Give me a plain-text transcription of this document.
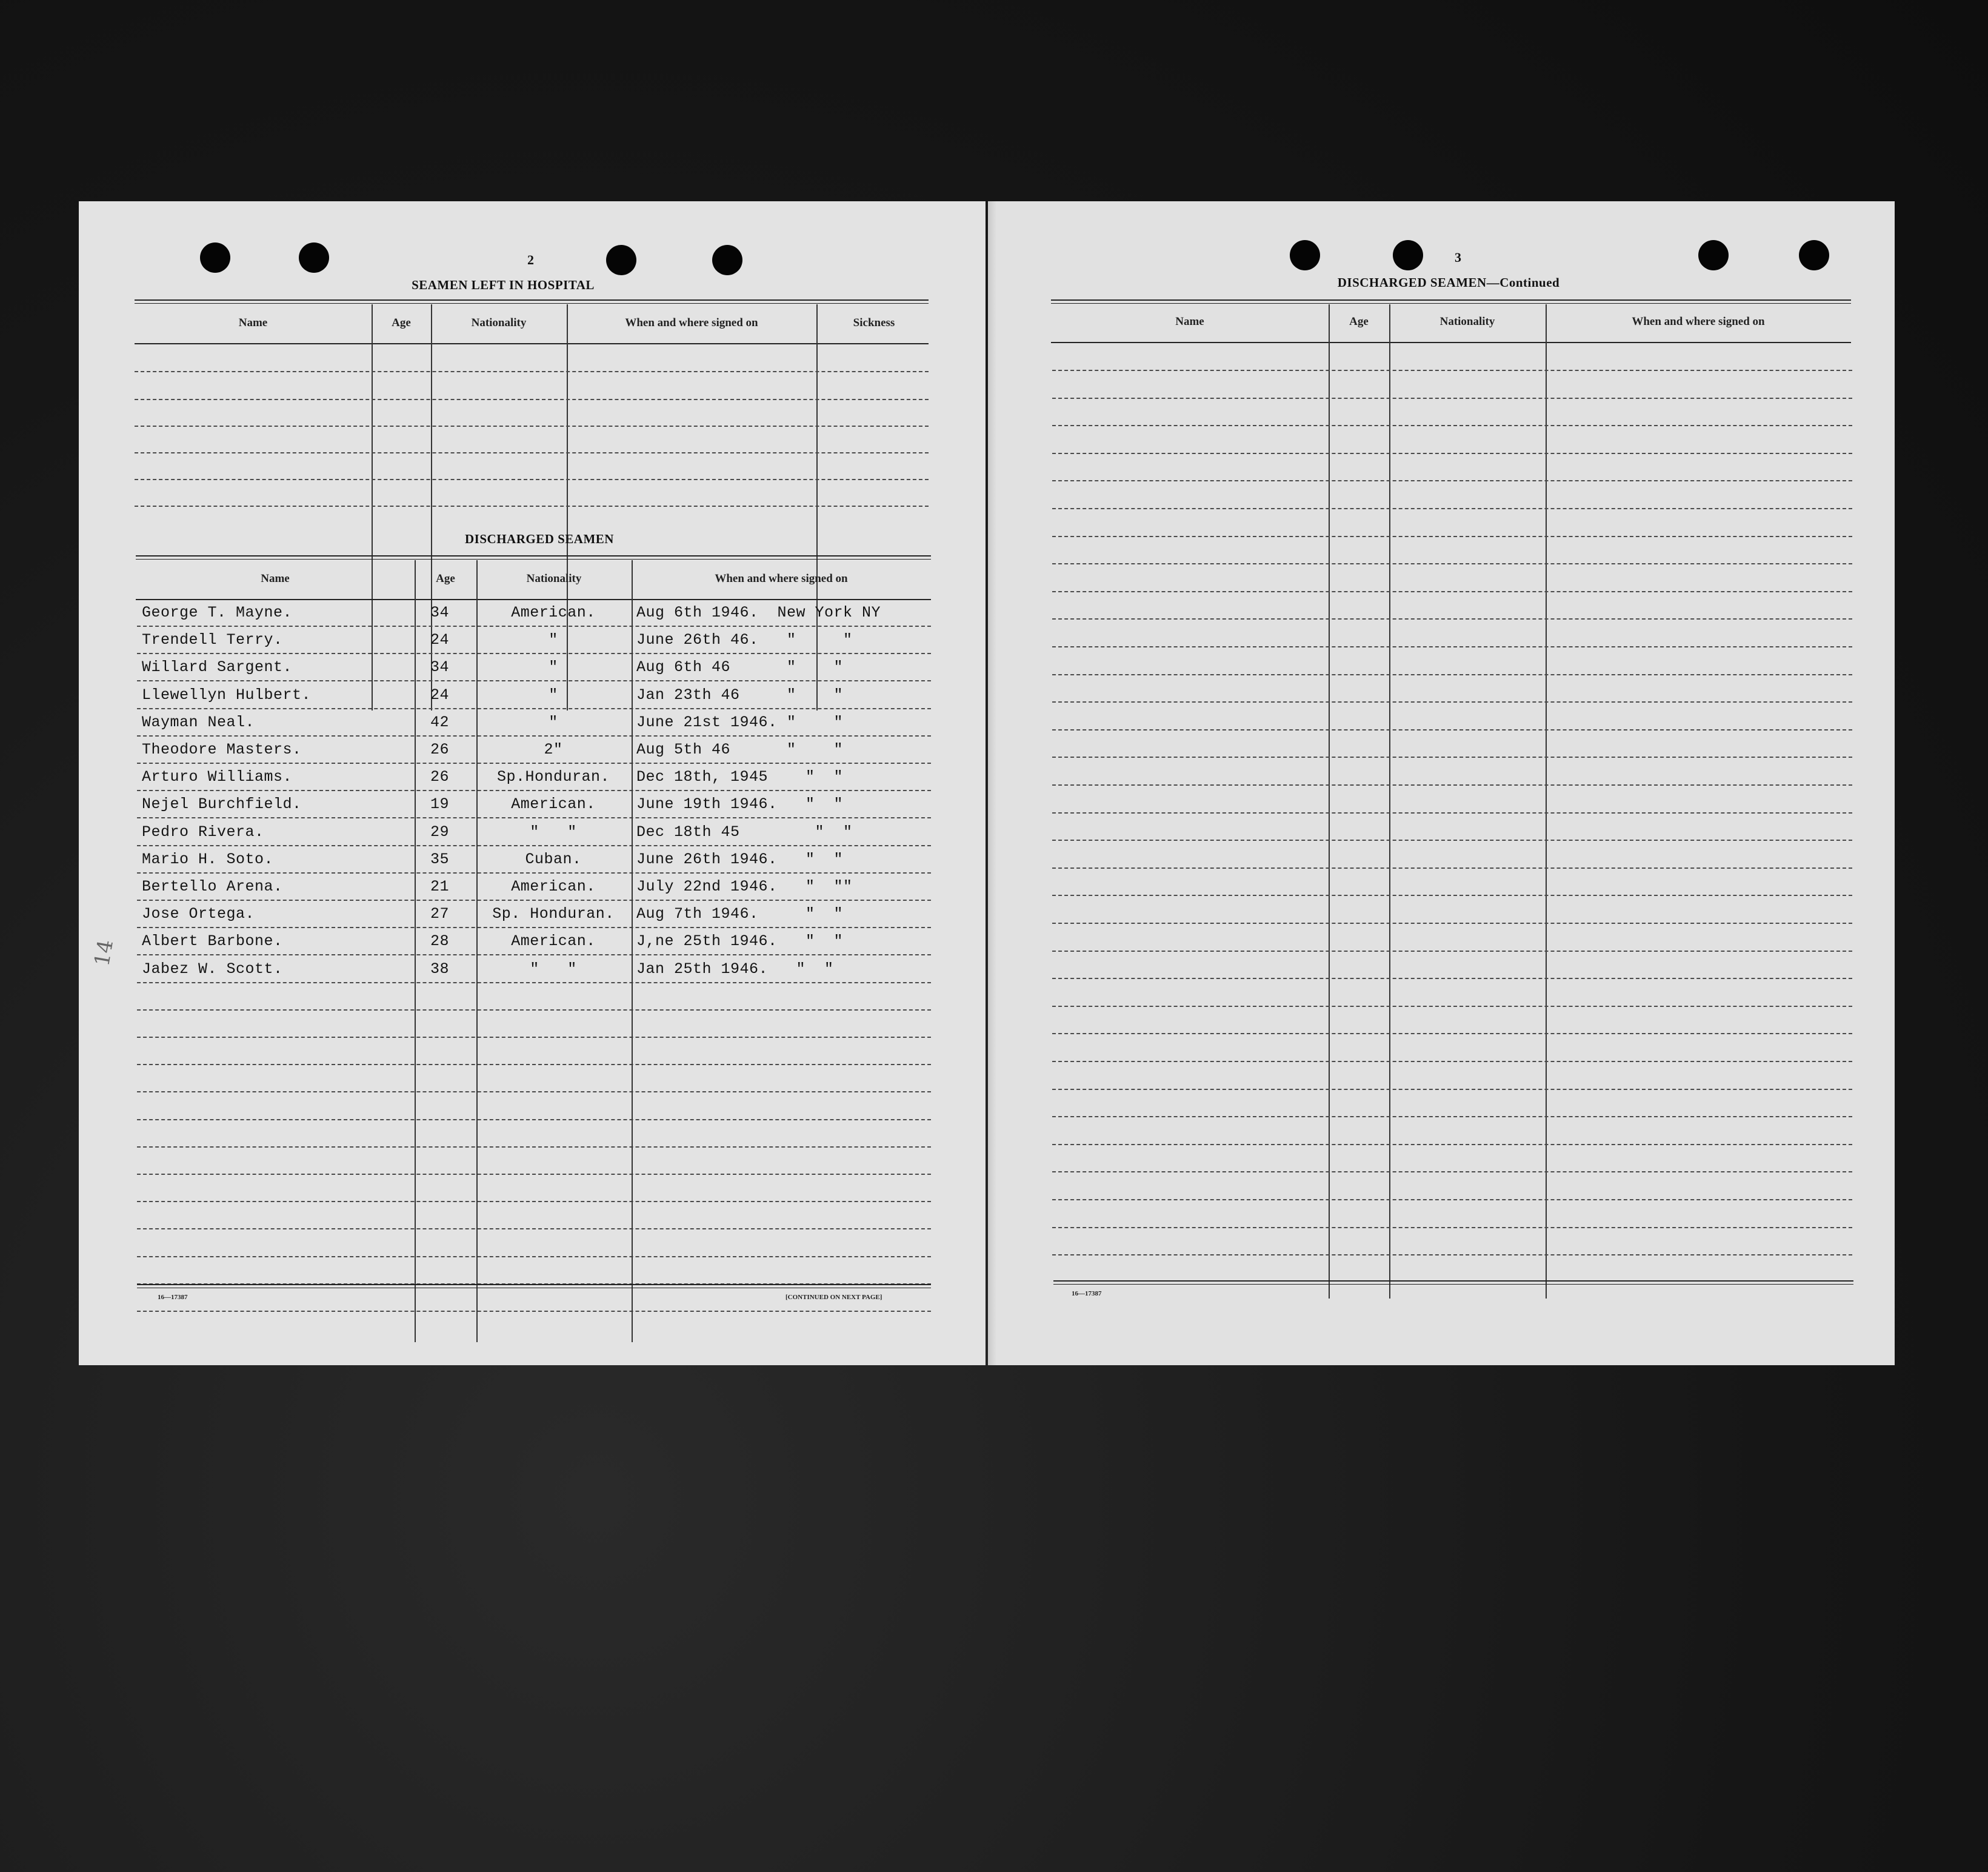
2
SEAMEN LEFT IN HOSPITAL
Name	Age	Nationality	When and where signed on	Sickness
DISCHARGED SEAMEN
Name	Age	Nationality	When and where signed on
George T. Mayne.	34	American.	Aug 6th 1946.  New York NY
Trendell Terry.	24	"	June 26th 46.   "     "
Willard Sargent.	34	"	Aug 6th 46      "    "
Llewellyn Hulbert.	24	"	Jan 23th 46     "    "
Wayman Neal.	42	"	June 21st 1946. "    "
Theodore Masters.	26	2"	Aug 5th 46      "    "
Arturo Williams.	26	Sp.Honduran.	Dec 18th, 1945    "  "
Nejel Burchfield.	19	American.	June 19th 1946.   "  "
Pedro Rivera.	29	"   "	Dec 18th 45        "  "
Mario H. Soto.	35	Cuban.	June 26th 1946.   "  "
Bertello Arena.	21	American.	July 22nd 1946.   "  ""
Jose Ortega.	27	Sp. Honduran.	Aug 7th 1946.     "  "
Albert Barbone.	28	American.	J,ne 25th 1946.   "  "
Jabez W. Scott.	38	"   "	Jan 25th 1946.   "  "
14
16—17387	[CONTINUED ON NEXT PAGE]
3
DISCHARGED SEAMEN—Continued
Name	Age	Nationality	When and where signed on
16—17387
